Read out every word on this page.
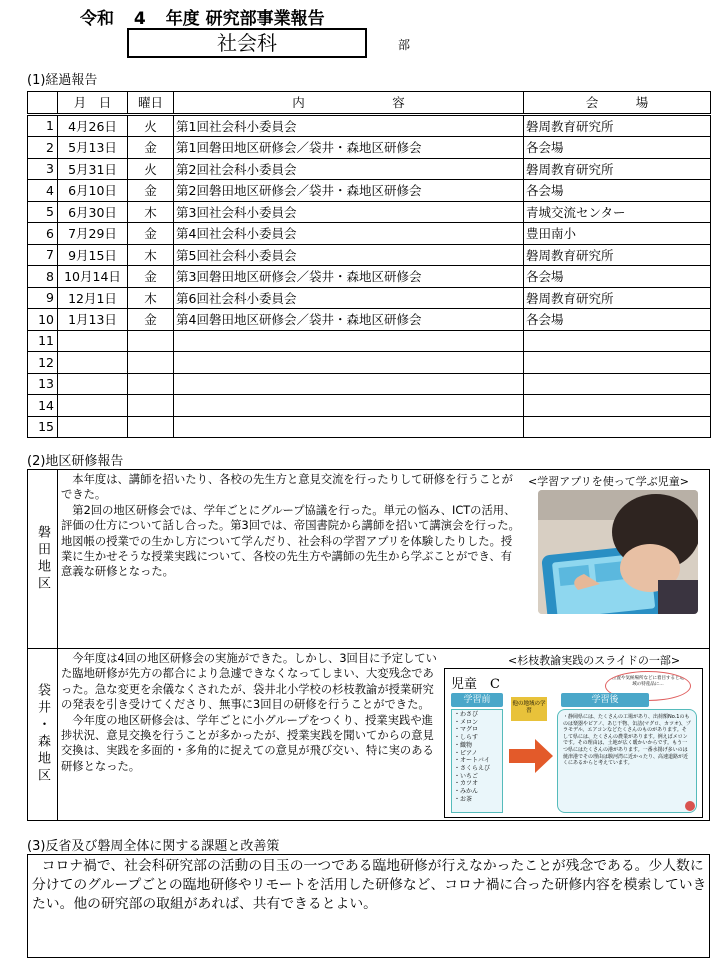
令和 4 年度 研究部事業報告
社会科	部
(1)経過報告
	月　日	曜日	内　　　　　　　容	会　　　場
1	4月26日	火	第1回社会科小委員会	磐周教育研究所
2	5月13日	金	第1回磐田地区研修会／袋井・森地区研修会	各会場
3	5月31日	火	第2回社会科小委員会	磐周教育研究所
4	6月10日	金	第2回磐田地区研修会／袋井・森地区研修会	各会場
5	6月30日	木	第3回社会科小委員会	青城交流センター
6	7月29日	金	第4回社会科小委員会	豊田南小
7	9月15日	木	第5回社会科小委員会	磐周教育研究所
8	10月14日	金	第3回磐田地区研修会／袋井・森地区研修会	各会場
9	12月1日	木	第6回社会科小委員会	磐周教育研究所
10	1月13日	金	第4回磐田地区研修会／袋井・森地区研修会	各会場
11				
12				
13				
14				
15				
(2)地区研修報告
磐田地区

本年度は、講師を招いたり、各校の先生方と意見交流を行ったりして研修を行うことができた。

第2回の地区研修会では、学年ごとにグループ協議を行った。単元の悩み、ICTの活用、評価の仕方について話し合った。第3回では、帝国書院から講師を招いて講演会を行った。地図帳の授業での生かし方について学んだり、社会科の学習アプリを体験したりした。授業に生かせそうな授業実践について、各校の先生方や講師の先生から学ぶことができ、有意義な研修となった。

<学習アプリを使って学ぶ児童>
袋井・森地区

今年度は4回の地区研修会の実施ができた。しかし、3回目に予定していた臨地研修が先方の都合により急遽できなくなってしまい、大変残念であった。急な変更を余儀なくされたが、袋井北小学校の杉枝教諭が授業研究の発表を引き受けてくださり、無事に3回目の研修を行うことができた。

今年度の地区研修会は、学年ごとに小グループをつくり、授業実践や進捗状況、意見交換を行うことが多かったが、授業実践を聞いてからの意見交換は、実践を多面的・多角的に捉えての意見が飛び交い、特に実のある研修となった。

<杉枝教諭実践のスライドの一部>
児童　C	位置や気候場所などに着目すると地域の特産品に…
学習前
・わさび
・メロン
・マグロ
・しらす
・織物
・ピアノ
・オートバイ
・さくらえび
・いちご
・カツオ
・みかん
・お茶
他の地域の学習
学習後
・静岡県には、たくさんの工場があり、出荷額No.1のものは楽器やピアノ、あじ干物、缶詰(マグロ、カツオ)、プラモデル、エアコンなどたくさんのものがあります。そして県には、たくさんの農業があります。例えばメロンです。その理由は、土地が広く暖かいからです。もう一つ県にはたくさんの港があります。一番水揚げ多いのは焼津港でその理由は駿河湾に近かったり、高速道路が近くにあるからと考えています。
(3)反省及び磐周全体に関する課題と改善策

コロナ禍で、社会科研究部の活動の目玉の一つである臨地研修が行えなかったことが残念である。少人数に分けてのグループごとの臨地研修やリモートを活用した研修など、コロナ禍に合った研修内容を模索していきたい。他の研究部の取組があれば、共有できるとよい。
